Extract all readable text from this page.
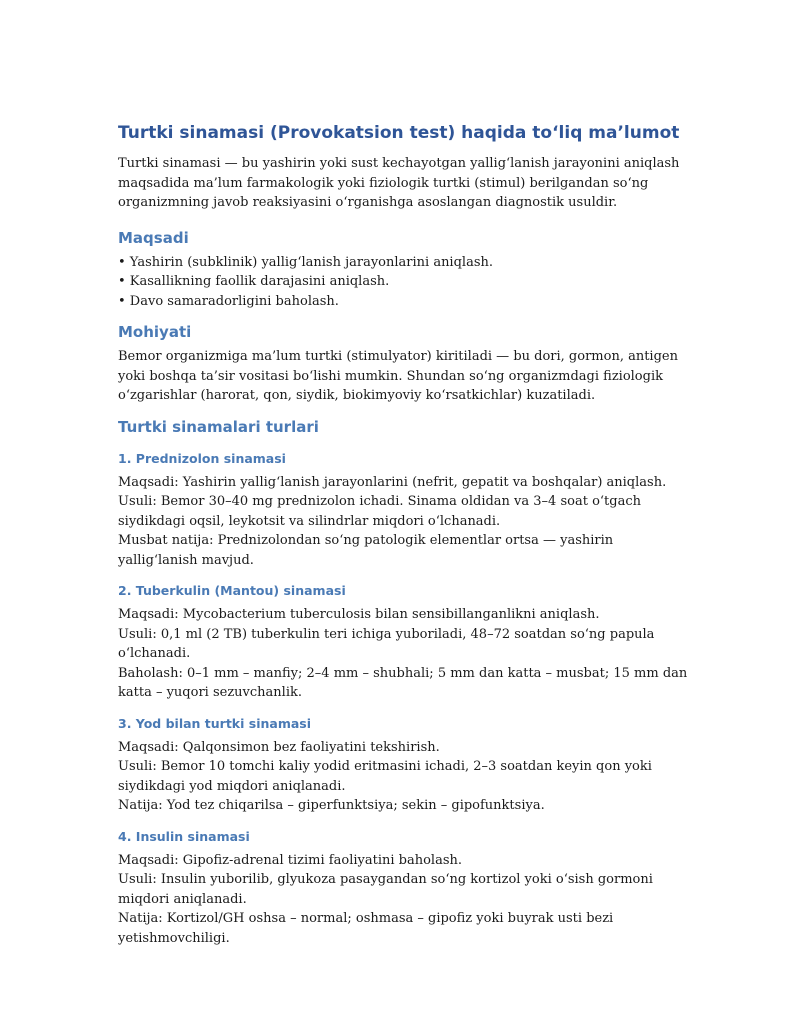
Turtki sinamasi (Provokatsion test) haqida to‘liq ma’lumot

Turtki sinamasi — bu yashirin yoki sust kechayotgan yallig‘lanish jarayonini aniqlash maqsadida ma’lum farmakologik yoki fiziologik turtki (stimul) berilgandan so‘ng organizmning javob reaksiyasini o‘rganishga asoslangan diagnostik usuldir.

Maqsadi
• Yashirin (subklinik) yallig‘lanish jarayonlarini aniqlash.
• Kasallikning faollik darajasini aniqlash.
• Davo samaradorligini baholash.
Mohiyati

Bemor organizmiga ma’lum turtki (stimulyator) kiritiladi — bu dori, gormon, antigen yoki boshqa ta’sir vositasi bo‘lishi mumkin. Shundan so‘ng organizmdagi fiziologik o‘zgarishlar (harorat, qon, siydik, biokimyoviy ko‘rsatkichlar) kuzatiladi.

Turtki sinamalari turlari
1. Prednizolon sinamasi

Maqsadi: Yashirin yallig‘lanish jarayonlarini (nefrit, gepatit va boshqalar) aniqlash.

Usuli: Bemor 30–40 mg prednizolon ichadi. Sinama oldidan va 3–4 soat o‘tgach siydikdagi oqsil, leykotsit va silindrlar miqdori o‘lchanadi.

Musbat natija: Prednizolondan so‘ng patologik elementlar ortsa — yashirin yallig‘lanish mavjud.

2. Tuberkulin (Mantou) sinamasi

Maqsadi: Mycobacterium tuberculosis bilan sensibillanganlikni aniqlash.

Usuli: 0,1 ml (2 TB) tuberkulin teri ichiga yuboriladi, 48–72 soatdan so‘ng papula o‘lchanadi.

Baholash: 0–1 mm – manfiy; 2–4 mm – shubhali; 5 mm dan katta – musbat; 15 mm dan katta – yuqori sezuvchanlik.

3. Yod bilan turtki sinamasi

Maqsadi: Qalqonsimon bez faoliyatini tekshirish.

Usuli: Bemor 10 tomchi kaliy yodid eritmasini ichadi, 2–3 soatdan keyin qon yoki siydikdagi yod miqdori aniqlanadi.

Natija: Yod tez chiqarilsa – giperfunktsiya; sekin – gipofunktsiya.

4. Insulin sinamasi

Maqsadi: Gipofiz-adrenal tizimi faoliyatini baholash.

Usuli: Insulin yuborilib, glyukoza pasaygandan so‘ng kortizol yoki o‘sish gormoni miqdori aniqlanadi.

Natija: Kortizol/GH oshsa – normal; oshmasa – gipofiz yoki buyrak usti bezi yetishmovchiligi.
